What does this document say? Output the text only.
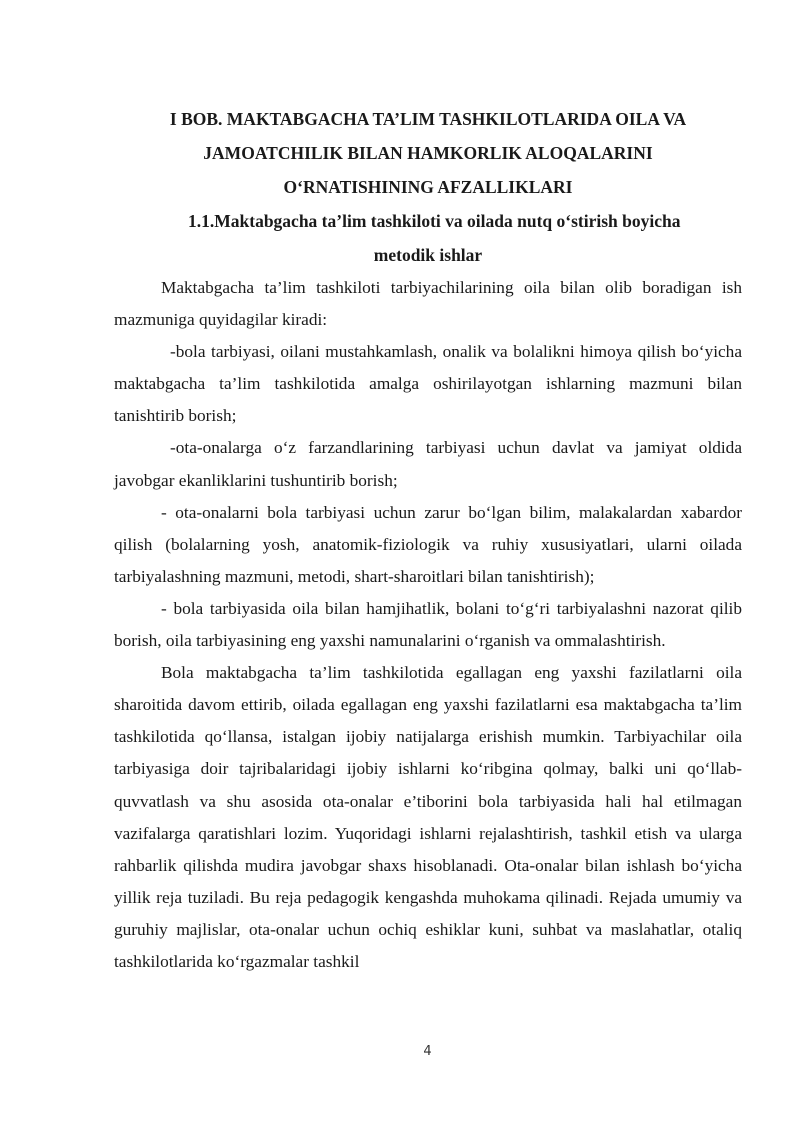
I BOB. MAKTABGACHA TA’LIM TASHKILOTLARIDA OILA VA
JAMOATCHILIK BILAN HAMKORLIK ALOQALARINI
O‘RNATISHINING AFZALLIKLARI
1.1.Maktabgacha ta’lim tashkiloti va oilada nutq o‘stirish boyicha
metodik ishlar

Maktabgacha ta’lim tashkiloti tarbiyachilarining oila bilan olib boradigan ish mazmuniga quyidagilar kiradi:

-bola tarbiyasi, oilani mustahkamlash, onalik va bolalikni himoya qilish bo‘yicha maktabgacha ta’lim tashkilotida amalga oshirilayotgan ishlarning mazmuni bilan tanishtirib borish;

-ota-onalarga o‘z farzandlarining tarbiyasi uchun davlat va jamiyat oldida javobgar ekanliklarini tushuntirib borish;

- ota-onalarni bola tarbiyasi uchun zarur bo‘lgan bilim, malakalardan xabardor qilish (bolalarning yosh, anatomik-fiziologik va ruhiy xususiyatlari, ularni oilada tarbiyalashning mazmuni, metodi, shart-sharoitlari bilan tanishtirish);

- bola tarbiyasida oila bilan hamjihatlik, bolani to‘g‘ri tarbiyalashni nazorat qilib borish, oila tarbiyasining eng yaxshi namunalarini o‘rganish va ommalashtirish.

Bola maktabgacha ta’lim tashkilotida egallagan eng yaxshi fazilatlarni oila sharoitida davom ettirib, oilada egallagan eng yaxshi fazilatlarni esa maktabgacha ta’lim tashkilotida qo‘llansa, istalgan ijobiy natijalarga erishish mumkin. Tarbiyachilar oila tarbiyasiga doir tajribalaridagi ijobiy ishlarni ko‘ribgina qolmay, balki uni qo‘llab-quvvatlash va shu asosida ota-onalar e’tiborini bola tarbiyasida hali hal etilmagan vazifalarga qaratishlari lozim. Yuqoridagi ishlarni rejalashtirish, tashkil etish va ularga rahbarlik qilishda mudira javobgar shaxs hisoblanadi. Ota-onalar bilan ishlash bo‘yicha yillik reja tuziladi. Bu reja pedagogik kengashda muhokama qilinadi. Rejada umumiy va guruhiy majlislar, ota-onalar uchun ochiq eshiklar kuni, suhbat va maslahatlar, otaliq tashkilotlarida ko‘rgazmalar tashkil

4
